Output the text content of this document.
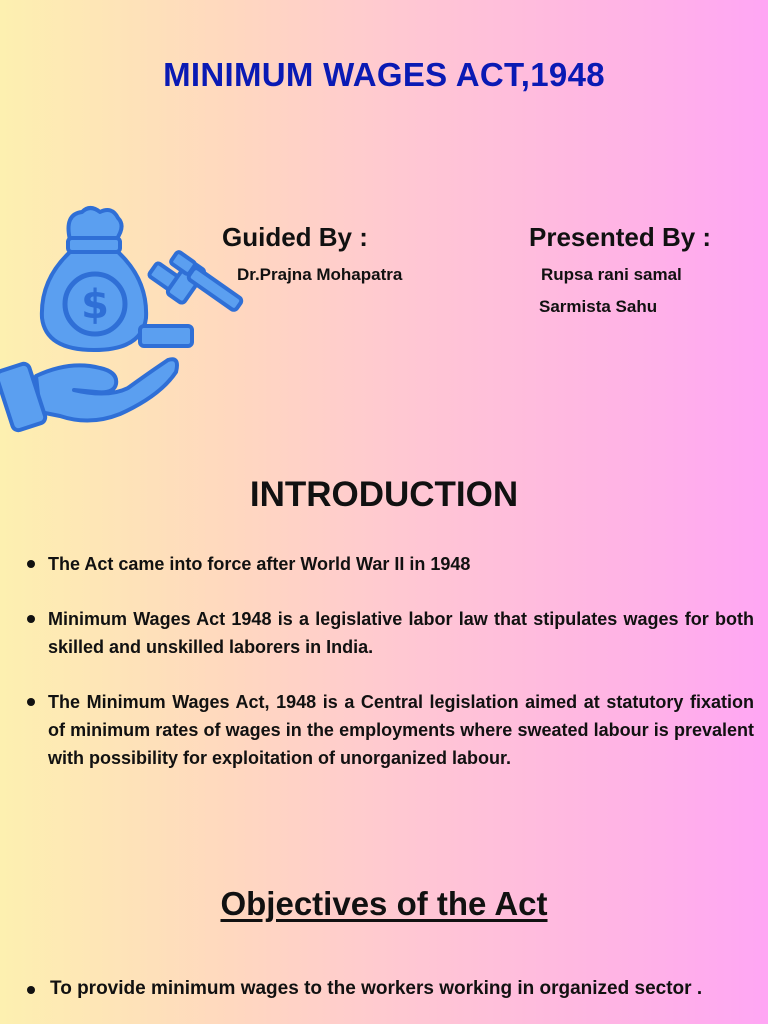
MINIMUM WAGES ACT,1948
$
Guided By :
Dr.Prajna Mohapatra
Presented By :
Rupsa rani samal
Sarmista Sahu
INTRODUCTION
The Act came into force after World War II in 1948
Minimum Wages Act 1948 is a legislative labor law that stipulates wages for both skilled and unskilled laborers in India.
The Minimum Wages Act, 1948 is a Central legislation aimed at statutory fixation of minimum rates of wages in the employments where sweated labour is prevalent with possibility for exploitation of unorganized labour.
Objectives of the Act
To provide minimum wages to the workers working in organized sector .
